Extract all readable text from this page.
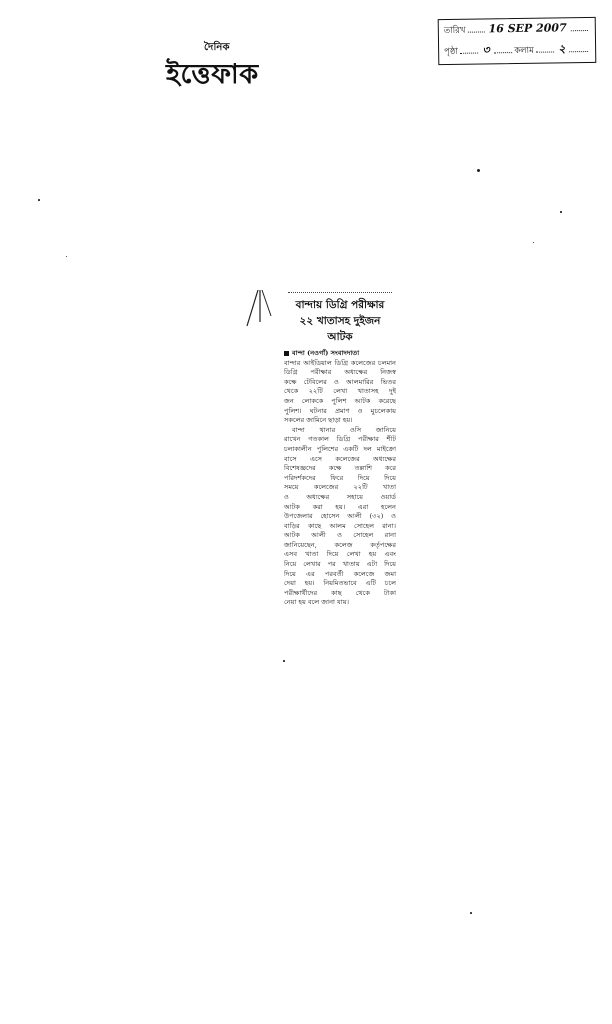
দৈনিক
ইত্তেফাক
তারিখ 16 SEP 2007
পৃষ্ঠা ৩	কলাম ২
বান্দায় ডিগ্রি পরীক্ষার
২২ খাতাসহ দুইজন
আটক
বান্দা (নওগাঁ) সংবাদদাতা
বান্দার আইডিয়াল ডিগ্রি কলেজের চলমান
ডিগ্রি পরীক্ষার অধ্যক্ষের নিজস্ব
কক্ষে টেবিলের ও আলমারির ভিতর
থেকে ২২টি লেখা খাতাসহ দুই
জন লোককে পুলিশ আটক করেছে
পুলিশ। ঘটনার প্রমাণ ও মুচলেকায়
সকলের জামিনে ছাড়া হয়।
বান্দা থানার ওসি জানিয়ে
রাখেন গতকাল ডিগ্রি পরীক্ষার শীট
চলাকালীন পুলিশের একটি দল মাইক্রো
বাসে এসে কলেজের অধ্যক্ষের
বিশেষজ্ঞদের কক্ষে তল্লাশি করে
পরিদর্শকদের ফিরে দিয়ে দিয়ে
সময়ে কলেজের ২২টি খাতা
ও অধ্যক্ষের সহায়ে ওয়ার্ড
আটক করা হয়। এরা হলেন
উপজেলার হোসেন আলী (৩২) ও
বাড়ির কাছে আলম সোহেল রানা।
আটক আলী ও সোহেল রানা
জানিয়েছেন, কলেজ কর্তৃপক্ষের
এসব খাতা দিয়ে লেখা হয় এবং
নিয়ে লেখার পর খাতায় এটা দিয়ে
দিয়ে এর পরবর্তী কলেজে জমা
দেয়া হয়। নিয়মিতভাবে এটি চলে
পরীক্ষার্থীদের কাছ থেকে টাকা
নেয়া হয় বলে জানা যায়।
